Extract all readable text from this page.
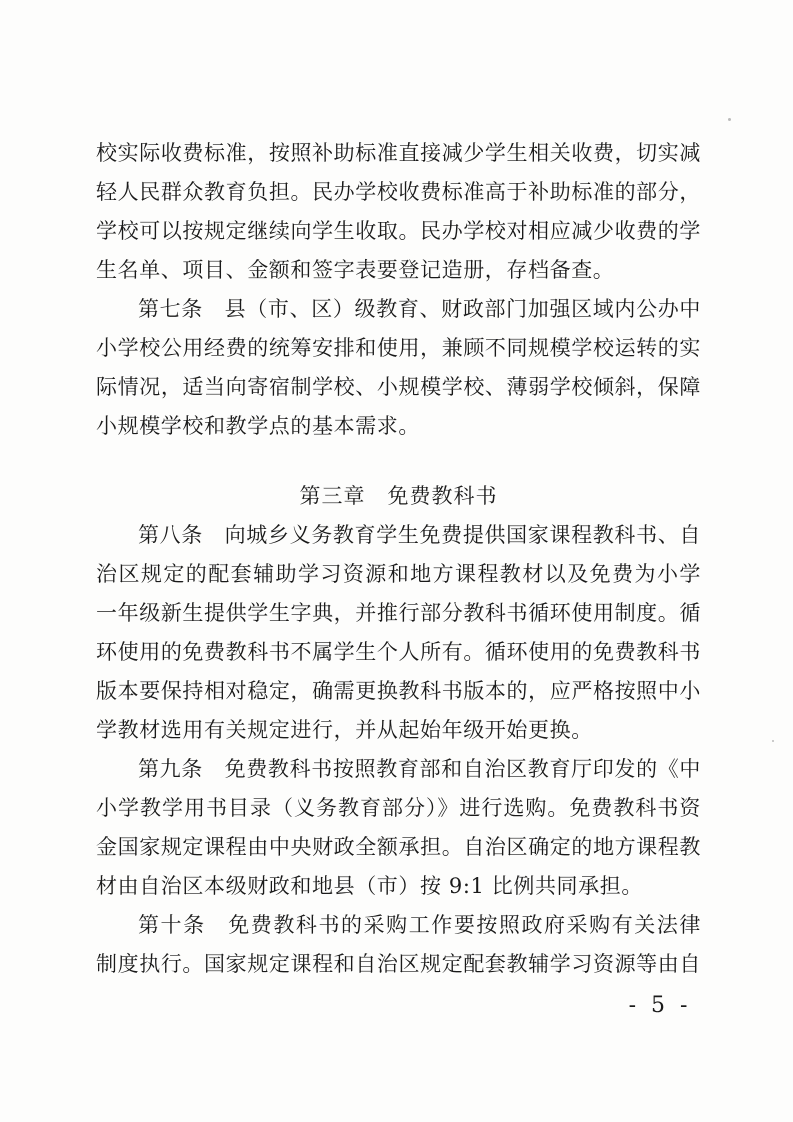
校实际收费标准，按照补助标准直接减少学生相关收费，切实减
轻人民群众教育负担。民办学校收费标准高于补助标准的部分，
学校可以按规定继续向学生收取。民办学校对相应减少收费的学
生名单、项目、金额和签字表要登记造册，存档备查。
第七条　县（市、区）级教育、财政部门加强区域内公办中
小学校公用经费的统筹安排和使用，兼顾不同规模学校运转的实
际情况，适当向寄宿制学校、小规模学校、薄弱学校倾斜，保障
小规模学校和教学点的基本需求。
第三章　免费教科书
第八条　向城乡义务教育学生免费提供国家课程教科书、自
治区规定的配套辅助学习资源和地方课程教材以及免费为小学
一年级新生提供学生字典，并推行部分教科书循环使用制度。循
环使用的免费教科书不属学生个人所有。循环使用的免费教科书
版本要保持相对稳定，确需更换教科书版本的，应严格按照中小
学教材选用有关规定进行，并从起始年级开始更换。
第九条　免费教科书按照教育部和自治区教育厅印发的《中
小学教学用书目录（义务教育部分）》进行选购。免费教科书资
金国家规定课程由中央财政全额承担。自治区确定的地方课程教
材由自治区本级财政和地县（市）按 9:1 比例共同承担。
第十条　免费教科书的采购工作要按照政府采购有关法律
制度执行。国家规定课程和自治区规定配套教辅学习资源等由自
- 5 -
